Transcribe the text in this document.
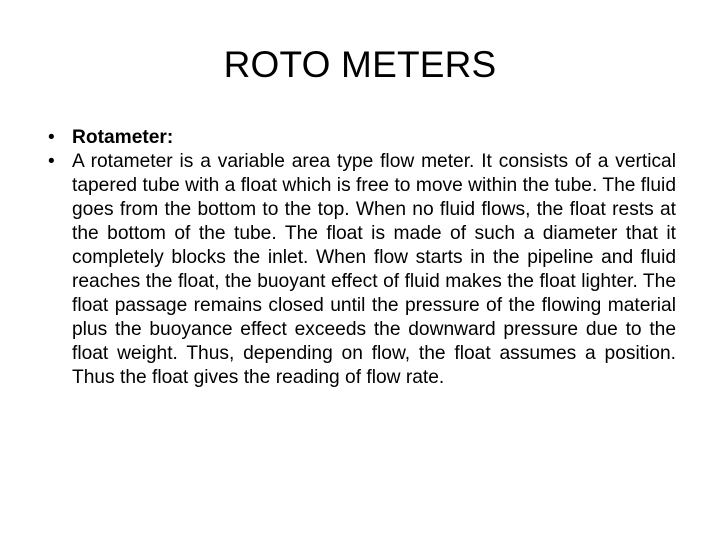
ROTO METERS
• Rotameter:
• A rotameter is a variable area type flow meter. It consists of a vertical tapered tube with a float which is free to move within the tube. The fluid goes from the bottom to the top. When no fluid flows, the float rests at the bottom of the tube. The float is made of such a diameter that it completely blocks the inlet. When flow starts in the pipeline and fluid reaches the float, the buoyant effect of fluid makes the float lighter. The float passage remains closed until the pressure of the flowing material plus the buoyance effect exceeds the downward pressure due to the float weight. Thus, depending on flow, the float assumes a position. Thus the float gives the reading of flow rate.
